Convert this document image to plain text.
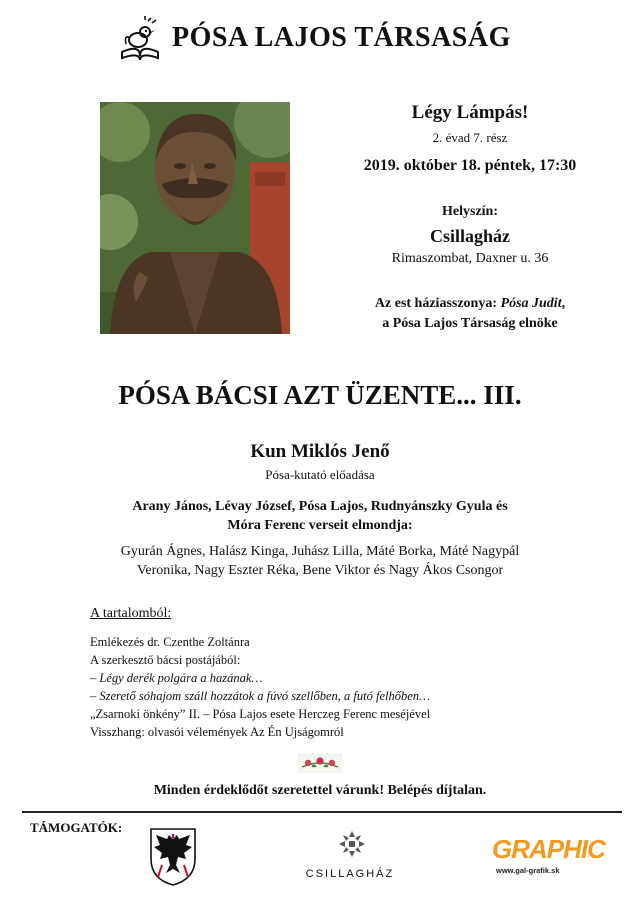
PÓSA LAJOS TÁRSASÁG
Légy Lámpás!
2. évad 7. rész
2019. október 18. péntek, 17:30
Helyszín:
Csillagház
Rimaszombat, Daxner u. 36
Az est háziasszonya: Pósa Judit,
a Pósa Lajos Társaság elnöke
PÓSA BÁCSI AZT ÜZENTE... III.
Kun Miklós Jenő
Pósa-kutató előadása
Arany János, Lévay József, Pósa Lajos, Rudnyánszky Gyula és
Móra Ferenc verseit elmondja:
Gyurán Ágnes, Halász Kinga, Juhász Lilla, Máté Borka, Máté Nagypál
Veronika, Nagy Eszter Réka, Bene Viktor és Nagy Ákos Csongor
A tartalomból:
Emlékezés dr. Czenthe Zoltánra
A szerkesztő bácsi postájából:
– Légy derék polgára a hazának…
– Szerető sóhajom száll hozzátok a fúvó szellőben, a futó felhőben…
„Zsarnoki önkény” II. – Pósa Lajos esete Herczeg Ferenc meséjével
Visszhang: olvasói vélemények Az Én Ujságomról
Minden érdeklődőt szeretettel várunk! Belépés díjtalan.
TÁMOGATÓK:
CSILLAGHÁZ
GRAPHIC
www.gal-grafik.sk
